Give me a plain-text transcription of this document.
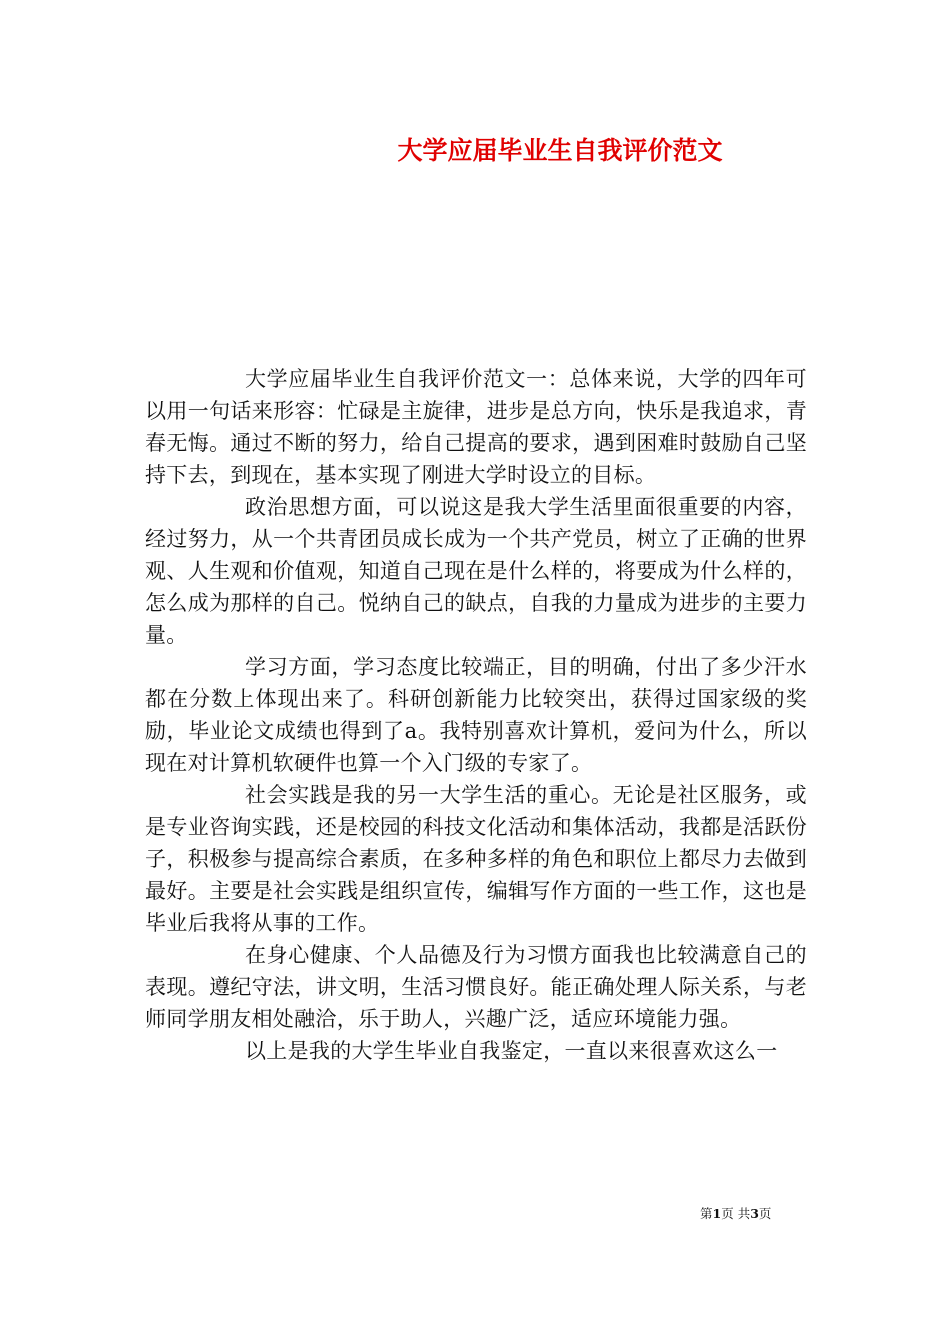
大学应届毕业生自我评价范文

大学应届毕业生自我评价范文一：总体来说，大学的四年可以用一句话来形容：忙碌是主旋律，进步是总方向，快乐是我追求，青春无悔。通过不断的努力，给自己提高的要求，遇到困难时鼓励自己坚持下去，到现在，基本实现了刚进大学时设立的目标。

政治思想方面，可以说这是我大学生活里面很重要的内容，经过努力，从一个共青团员成长成为一个共产党员，树立了正确的世界观、人生观和价值观，知道自己现在是什么样的，将要成为什么样的，怎么成为那样的自己。悦纳自己的缺点，自我的力量成为进步的主要力量。

学习方面，学习态度比较端正，目的明确，付出了多少汗水都在分数上体现出来了。科研创新能力比较突出，获得过国家级的奖励，毕业论文成绩也得到了a。我特别喜欢计算机，爱问为什么，所以现在对计算机软硬件也算一个入门级的专家了。

社会实践是我的另一大学生活的重心。无论是社区服务，或是专业咨询实践，还是校园的科技文化活动和集体活动，我都是活跃份子，积极参与提高综合素质，在多种多样的角色和职位上都尽力去做到最好。主要是社会实践是组织宣传，编辑写作方面的一些工作，这也是毕业后我将从事的工作。

在身心健康、个人品德及行为习惯方面我也比较满意自己的表现。遵纪守法，讲文明，生活习惯良好。能正确处理人际关系，与老师同学朋友相处融洽，乐于助人，兴趣广泛，适应环境能力强。

以上是我的大学生毕业自我鉴定，一直以来很喜欢这么一

第1页 共3页
